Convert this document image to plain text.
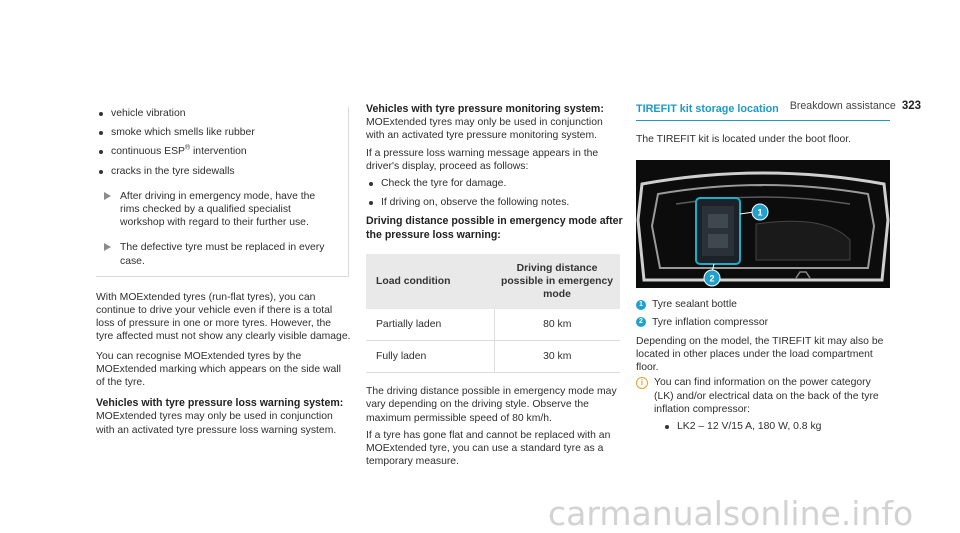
Breakdown assistance 323
vehicle vibration
smoke which smells like rubber
continuous ESP® intervention
cracks in the tyre sidewalls

After driving in emergency mode, have the rims checked by a qualified specialist workshop with regard to their further use.

The defective tyre must be replaced in every case.

With MOExtended tyres (run-flat tyres), you can continue to drive your vehicle even if there is a total loss of pressure in one or more tyres. However, the tyre affected must not show any clearly visible damage.

You can recognise MOExtended tyres by the MOExtended marking which appears on the side wall of the tyre.

Vehicles with tyre pressure loss warning system:

MOExtended tyres may only be used in conjunction with an activated tyre pressure loss warning system.

Vehicles with tyre pressure monitoring system:

MOExtended tyres may only be used in conjunction with an activated tyre pressure monitoring system.

If a pressure loss warning message appears in the driver's display, proceed as follows:

Check the tyre for damage.
If driving on, observe the following notes.
Driving distance possible in emergency mode after the pressure loss warning:
Load condition	Driving distance possible in emergency mode
Partially laden	80 km
Fully laden	30 km

The driving distance possible in emergency mode may vary depending on the driving style. Observe the maximum permissible speed of 80 km/h.

If a tyre has gone flat and cannot be replaced with an MOExtended tyre, you can use a standard tyre as a temporary measure.

TIREFIT kit storage location

The TIREFIT kit is located under the boot floor.

1
2
1 Tyre sealant bottle
2 Tyre inflation compressor

Depending on the model, the TIREFIT kit may also be located in other places under the load compartment floor.

i	You can find information on the power category (LK) and/or electrical data on the back of the tyre inflation compressor:

LK2 – 12 V/15 A, 180 W, 0.8 kg
carmanualsonline.info
